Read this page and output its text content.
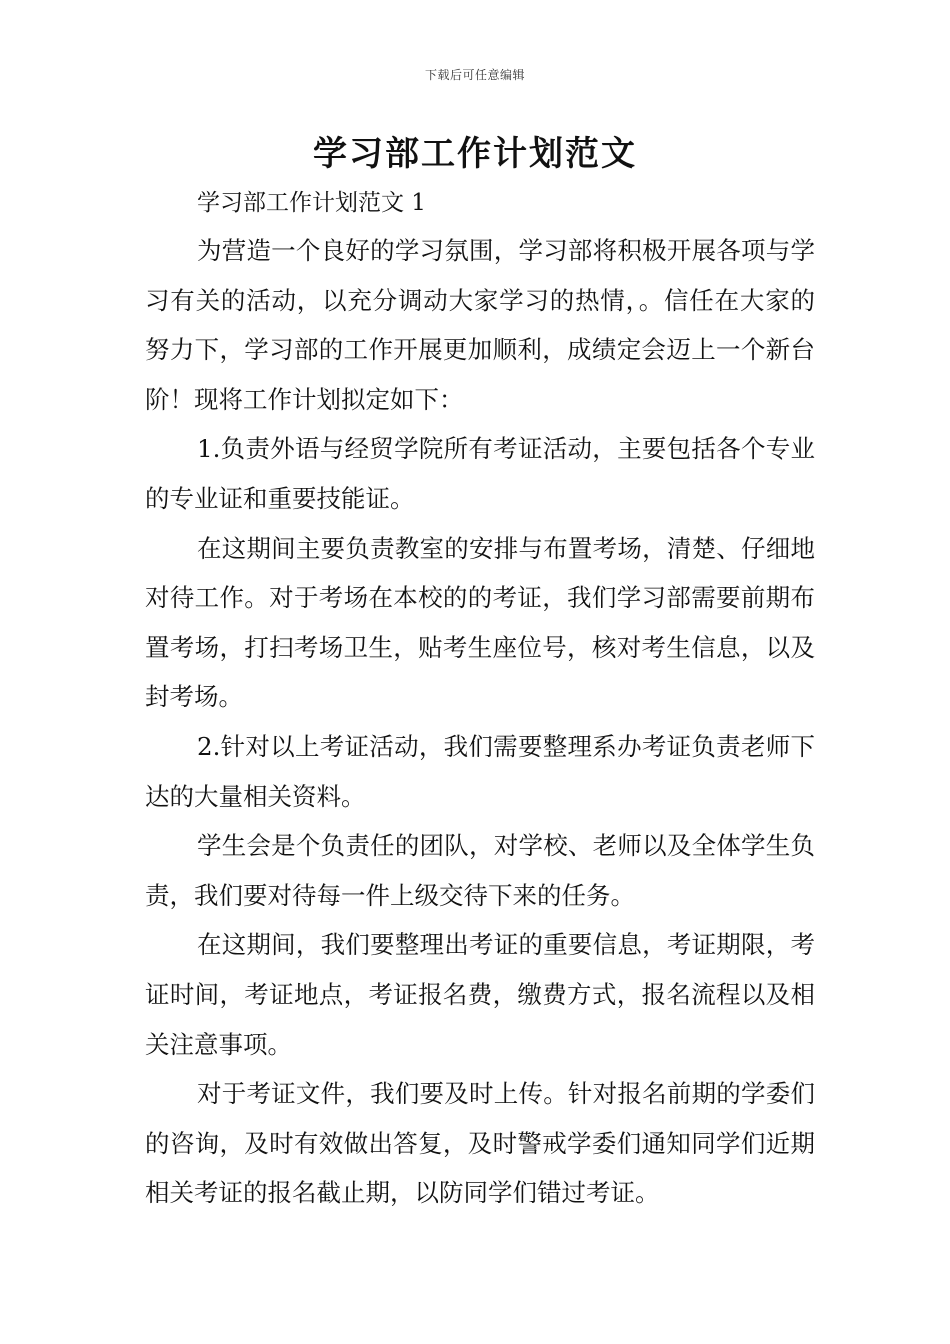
下载后可任意编辑
学习部工作计划范文

学习部工作计划范文 1

为营造一个良好的学习氛围，学习部将积极开展各项与学习有关的活动，以充分调动大家学习的热情，。信任在大家的努力下，学习部的工作开展更加顺利，成绩定会迈上一个新台阶！现将工作计划拟定如下：

1.负责外语与经贸学院所有考证活动，主要包括各个专业的专业证和重要技能证。

在这期间主要负责教室的安排与布置考场，清楚、仔细地对待工作。对于考场在本校的的考证，我们学习部需要前期布置考场，打扫考场卫生，贴考生座位号，核对考生信息，以及封考场。

2.针对以上考证活动，我们需要整理系办考证负责老师下达的大量相关资料。

学生会是个负责任的团队，对学校、老师以及全体学生负责，我们要对待每一件上级交待下来的任务。

在这期间，我们要整理出考证的重要信息，考证期限，考证时间，考证地点，考证报名费，缴费方式，报名流程以及相关注意事项。

对于考证文件，我们要及时上传。针对报名前期的学委们的咨询，及时有效做出答复，及时警戒学委们通知同学们近期相关考证的报名截止期，以防同学们错过考证。
